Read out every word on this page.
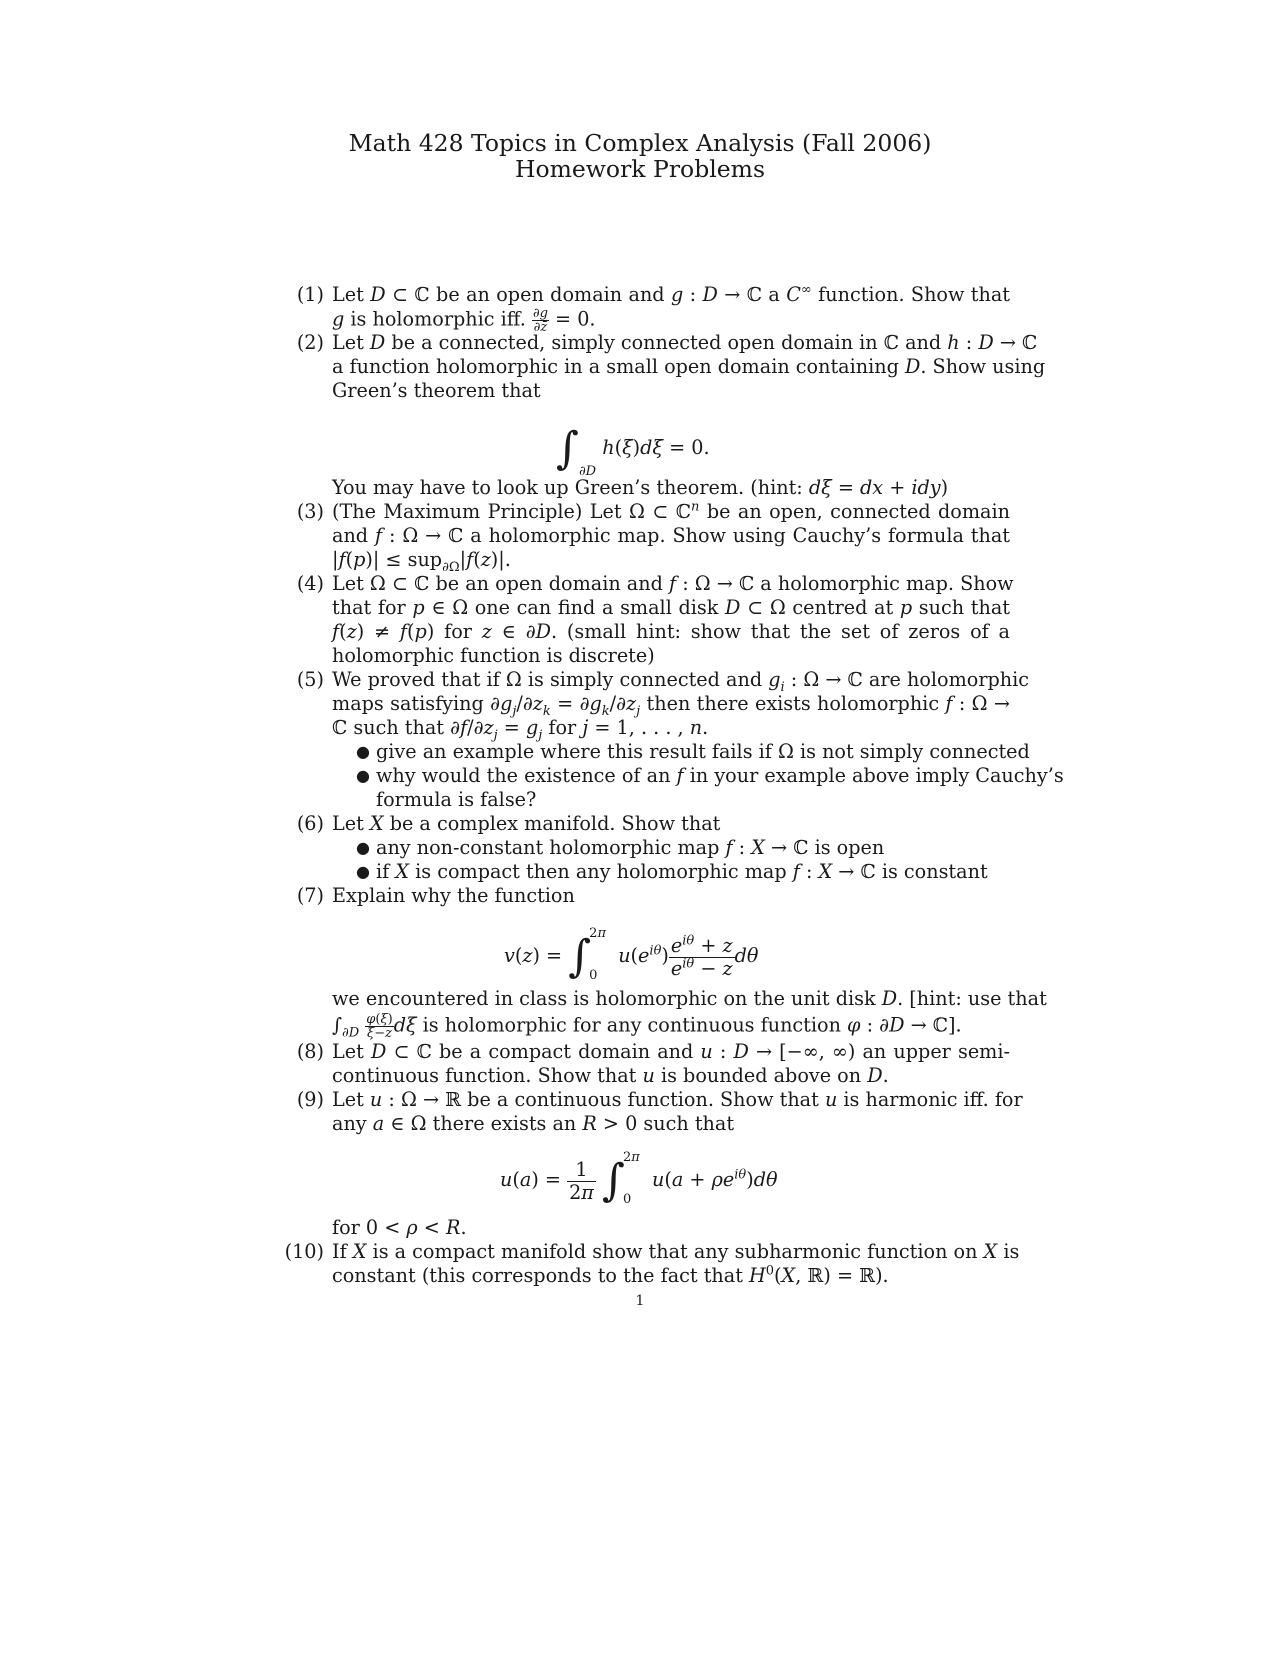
Math 428 Topics in Complex Analysis (Fall 2006)
Homework Problems
(1) Let D ⊂ ℂ be an open domain and g : D → ℂ a C∞ function. Show that
g is holomorphic iff. $\frac{\partial g}{\partial z̄} = 0$.
(2) Let D be a connected, simply connected open domain in ℂ and h : D → ℂ
a function holomorphic in a small open domain containing D. Show using
Green’s theorem that
$\int_{\partial D}$ h(ξ)dξ = 0.
You may have to look up Green’s theorem. (hint: dξ = dx + idy)
(3) (The Maximum Principle) Let Ω ⊂ ℂ$^n$ be an open, connected domain
and f : Ω → ℂ a holomorphic map. Show using Cauchy’s formula that
|f(p)| ≤ sup$_{\partial\Omega}$|f(z)|.
(4) Let Ω ⊂ ℂ be an open domain and f : Ω → ℂ a holomorphic map. Show
that for p ∈ Ω one can find a small disk D ⊂ Ω centred at p such that
f(z) ≠ f(p) for z ∈ ∂D. (small hint: show that the set of zeros of a
holomorphic function is discrete)
(5) We proved that if Ω is simply connected and $g_i$ : Ω → ℂ are holomorphic
maps satisfying $\partial g_j/\partial z_k = \partial g_k/\partial z_j$ then there exists holomorphic f : Ω →
ℂ such that $\partial f/\partial z_j = g_j$ for j = 1, . . . , n.
● give an example where this result fails if Ω is not simply connected
● why would the existence of an f in your example above imply Cauchy’s
formula is false?
(6) Let X be a complex manifold. Show that
● any non-constant holomorphic map f : X → ℂ is open
● if X is compact then any holomorphic map f : X → ℂ is constant
(7) Explain why the function
v(z) = ∫
2π
0
$u(e^{i\theta}) e^{i\theta} + z$
$e^{i\theta} - z$
dθ
we encountered in class is holomorphic on the unit disk D. [hint: use that
$\int_{\partial D} \frac{\varphi(\xi)}{\xi-z}$ dξ is holomorphic for any continuous function φ : ∂D → ℂ].
(8) Let D ⊂ ℂ be a compact domain and u : D → [−∞, ∞) an upper semi-
continuous function. Show that u is bounded above on D.
(9) Let u : Ω → ℝ be a continuous function. Show that u is harmonic iff. for
any a ∈ Ω there exists an R > 0 such that
$u(a) = \frac{1}{2\pi}$ ∫
2π
0
$u(a + \rho e^{i\theta})d\theta$
for 0 < ρ < R.
(10) If X is a compact manifold show that any subharmonic function on X is
constant (this corresponds to the fact that $H^0(X$, ℝ) = ℝ).
1
